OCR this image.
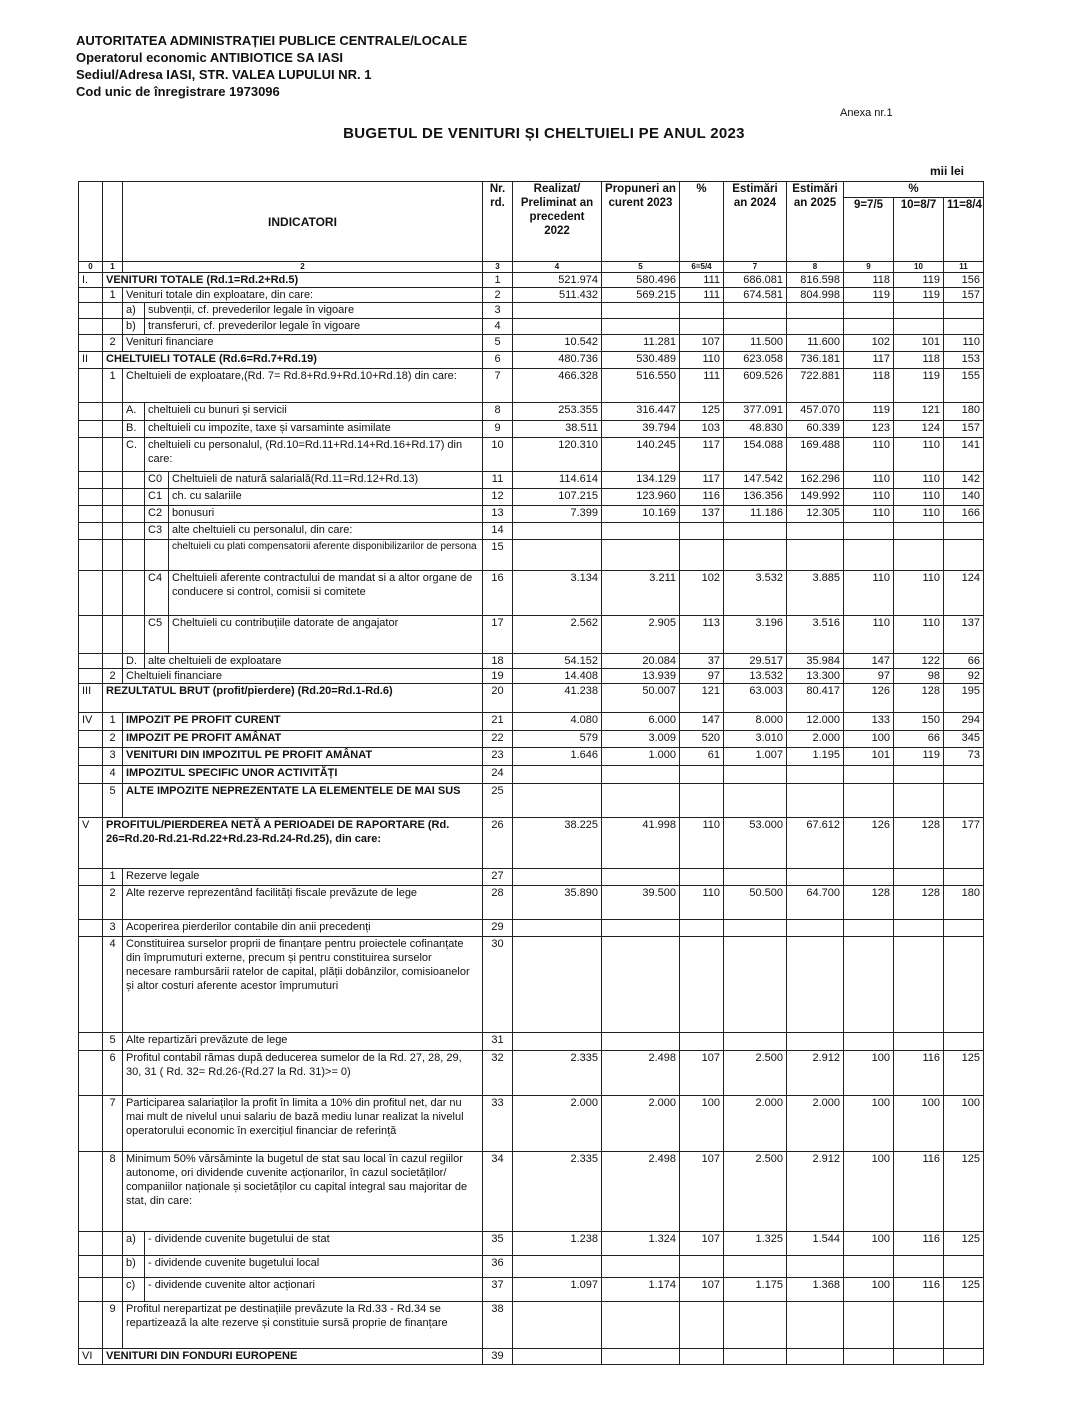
AUTORITATEA ADMINISTRAȚIEI PUBLICE CENTRALE/LOCALE
Operatorul economic ANTIBIOTICE SA IASI
Sediul/Adresa IASI, STR. VALEA LUPULUI NR. 1
Cod unic de înregistrare 1973096
Anexa nr.1
BUGETUL DE VENITURI ȘI CHELTUIELI PE ANUL 2023
mii lei
		INDICATORI			Nr. rd.	Realizat/ Preliminat an precedent 2022	Propuneri an curent 2023	%	Estimări an 2024	Estimări an 2025	%		
											9=7/5	10=8/7	11=8/4
0	1	2			3	4	5	6=5/4	7	8	9	10	11
I.	VENITURI TOTALE (Rd.1=Rd.2+Rd.5)				1	521.974	580.496	111	686.081	816.598	118	119	156
	1	Venituri totale din exploatare, din care:			2	511.432	569.215	111	674.581	804.998	119	119	157
		a)	subvenții, cf. prevederilor legale în vigoare		3								
		b)	transferuri, cf. prevederilor legale în vigoare		4								
	2	Venituri financiare			5	10.542	11.281	107	11.500	11.600	102	101	110
II	CHELTUIELI TOTALE (Rd.6=Rd.7+Rd.19)				6	480.736	530.489	110	623.058	736.181	117	118	153
	1	Cheltuieli de exploatare,(Rd. 7= Rd.8+Rd.9+Rd.10+Rd.18) din care:			7	466.328	516.550	111	609.526	722.881	118	119	155
		A.	cheltuieli cu bunuri și servicii		8	253.355	316.447	125	377.091	457.070	119	121	180
		B.	cheltuieli cu impozite, taxe și varsaminte asimilate		9	38.511	39.794	103	48.830	60.339	123	124	157
		C.	cheltuieli cu personalul, (Rd.10=Rd.11+Rd.14+Rd.16+Rd.17) din care:		10	120.310	140.245	117	154.088	169.488	110	110	141
			C0	Cheltuieli de natură salarială(Rd.11=Rd.12+Rd.13)	11	114.614	134.129	117	147.542	162.296	110	110	142
			C1	ch. cu salariile	12	107.215	123.960	116	136.356	149.992	110	110	140
			C2	bonusuri	13	7.399	10.169	137	11.186	12.305	110	110	166
			C3	alte cheltuieli cu personalul, din care:	14								
				cheltuieli cu plati compensatorii aferente disponibilizarilor de persona	15								
			C4	Cheltuieli aferente contractului de mandat si a altor organe de conducere si control, comisii si comitete	16	3.134	3.211	102	3.532	3.885	110	110	124
			C5	Cheltuieli cu contribuțiile datorate de angajator	17	2.562	2.905	113	3.196	3.516	110	110	137
		D.	alte cheltuieli de exploatare		18	54.152	20.084	37	29.517	35.984	147	122	66
	2	Cheltuieli financiare			19	14.408	13.939	97	13.532	13.300	97	98	92
III	REZULTATUL BRUT (profit/pierdere) (Rd.20=Rd.1-Rd.6)				20	41.238	50.007	121	63.003	80.417	126	128	195
IV	1	IMPOZIT PE PROFIT CURENT			21	4.080	6.000	147	8.000	12.000	133	150	294
	2	IMPOZIT PE PROFIT AMÂNAT			22	579	3.009	520	3.010	2.000	100	66	345
	3	VENITURI DIN IMPOZITUL PE PROFIT AMÂNAT			23	1.646	1.000	61	1.007	1.195	101	119	73
	4	IMPOZITUL SPECIFIC UNOR ACTIVITĂȚI			24								
	5	ALTE IMPOZITE NEPREZENTATE LA ELEMENTELE DE MAI SUS			25								
V	PROFITUL/PIERDEREA NETĂ A PERIOADEI DE RAPORTARE (Rd. 26=Rd.20-Rd.21-Rd.22+Rd.23-Rd.24-Rd.25), din care:				26	38.225	41.998	110	53.000	67.612	126	128	177
	1	Rezerve legale			27								
	2	Alte rezerve reprezentând facilități fiscale prevăzute de lege			28	35.890	39.500	110	50.500	64.700	128	128	180
	3	Acoperirea pierderilor contabile din anii precedenți			29								
	4	Constituirea surselor proprii de finanțare pentru proiectele cofinanțate din împrumuturi externe, precum și pentru constituirea surselor necesare rambursării ratelor de capital, plății dobânzilor, comisioanelor și altor costuri aferente acestor împrumuturi			30								
	5	Alte repartizări prevăzute de lege			31								
	6	Profitul contabil rămas după deducerea sumelor de la Rd. 27, 28, 29, 30, 31 ( Rd. 32= Rd.26-(Rd.27 la Rd. 31)>= 0)			32	2.335	2.498	107	2.500	2.912	100	116	125
	7	Participarea salariaților la profit în limita a 10% din profitul net, dar nu mai mult de nivelul unui salariu de bază mediu lunar realizat la nivelul operatorului economic în exercițiul financiar de referință			33	2.000	2.000	100	2.000	2.000	100	100	100
	8	Minimum 50% vărsăminte la bugetul de stat sau local în cazul regiilor autonome, ori dividende cuvenite acționarilor, în cazul societăților/ companiilor naționale și societăților cu capital integral sau majoritar de stat, din care:			34	2.335	2.498	107	2.500	2.912	100	116	125
		a)	- dividende cuvenite bugetului de stat		35	1.238	1.324	107	1.325	1.544	100	116	125
		b)	- dividende cuvenite bugetului local		36								
		c)	- dividende cuvenite altor acționari		37	1.097	1.174	107	1.175	1.368	100	116	125
	9	Profitul nerepartizat pe destinațiile prevăzute la Rd.33 - Rd.34 se repartizează la alte rezerve și constituie sursă proprie de finanțare			38								
VI	VENITURI DIN FONDURI EUROPENE				39								
